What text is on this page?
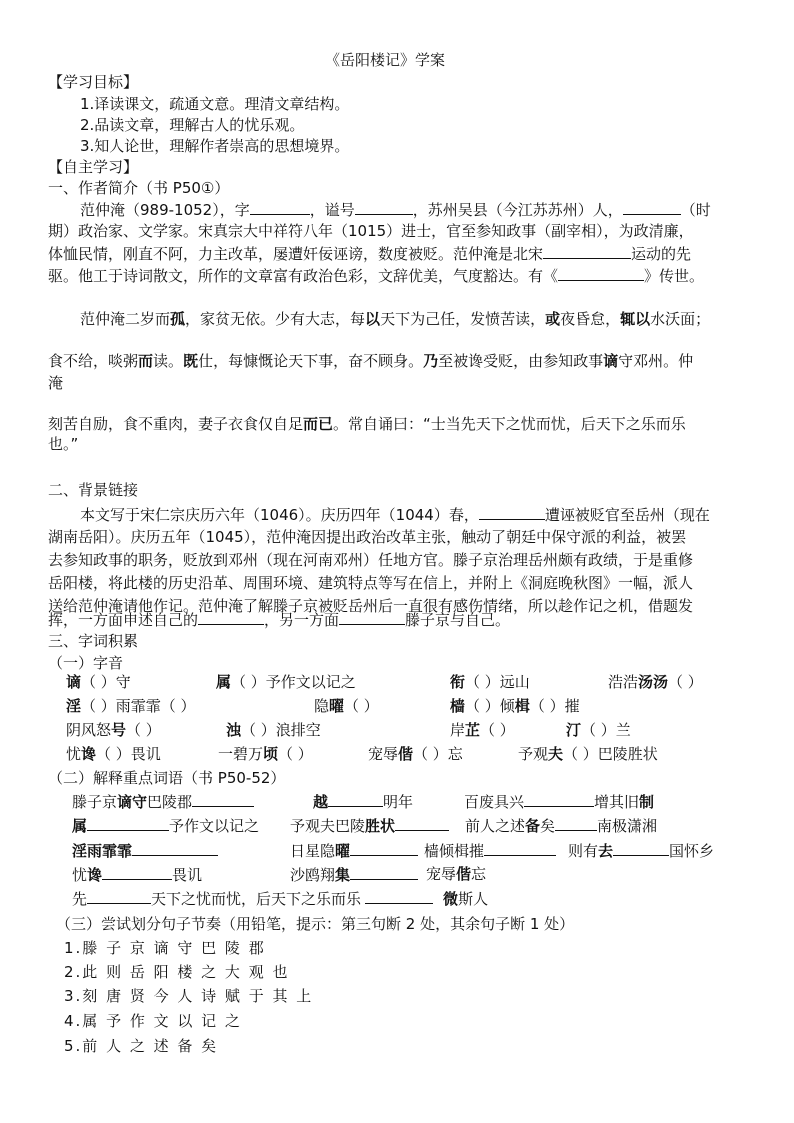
《岳阳楼记》学案
【学习目标】
1.译读课文，疏通文意。理清文章结构。
2.品读文章，理解古人的忧乐观。
3.知人论世，理解作者崇高的思想境界。
【自主学习】
一、作者简介（书 P50①）
范仲淹（989-1052），字	，谥号	，苏州吴县（今江苏苏州）人，	（时
期）政治家、文学家。宋真宗大中祥符八年（1015）进士，官至参知政事（副宰相），为政清廉，
体恤民情，刚直不阿，力主改革，屡遭奸佞诬谤，数度被贬。范仲淹是北宋	运动的先
驱。他工于诗词散文，所作的文章富有政治色彩，文辞优美，气度豁达。有《	》传世。
范仲淹二岁而孤，家贫无依。少有大志，每以天下为己任，发愤苦读，或夜昏怠，辄以水沃面；
食不给，啖粥而读。既仕，每慷慨论天下事，奋不顾身。乃至被谗受贬，由参知政事谪守邓州。仲
淹
刻苦自励，食不重肉，妻子衣食仅自足而已。常自诵曰：“士当先天下之忧而忧，后天下之乐而乐
也。”
二、背景链接
本文写于宋仁宗庆历六年（1046）。庆历四年（1044）春，	遭诬被贬官至岳州（现在
湖南岳阳）。庆历五年（1045），范仲淹因提出政治改革主张，触动了朝廷中保守派的利益，被罢
去参知政事的职务，贬放到邓州（现在河南邓州）任地方官。滕子京治理岳州颇有政绩，于是重修
岳阳楼，将此楼的历史沿革、周围环境、建筑特点等写在信上，并附上《洞庭晚秋图》一幅，派人
送给范仲淹请他作记。范仲淹了解滕子京被贬岳州后一直很有感伤情绪，所以趁作记之机，借题发
挥，一方面申述自己的	，另一方面	滕子京与自己。
三、字词积累
（一）字音
谪（ ）守	属（ ）予作文以记之	衔（ ）远山	浩浩汤汤（ ）
淫（ ）雨霏霏（ ）	隐曜（ ）	樯（ ）倾楫（ ）摧
阴风怒号（ ）	浊（ ）浪排空	岸芷（ ）	汀（ ）兰
忧谗（ ）畏讥	一碧万顷（ ）	宠辱偕（ ）忘	予观夫（ ）巴陵胜状
（二）解释重点词语（书 P50-52）
滕子京谪守巴陵郡	越	明年	百废具兴	增其旧制
属	予作文以记之 予观夫巴陵胜状	前人之述备矣	南极潇湘
淫雨霏霏	日星隐曜	樯倾楫摧	则有去	国怀乡
忧谗	畏讥	沙鸥翔集	宠辱偕忘
先	天下之忧而忧，后天下之乐而乐	微斯人
（三）尝试划分句子节奏（用铅笔，提示：第三句断 2 处，其余句子断 1 处）
1.滕 子 京 谪 守 巴 陵 郡
2.此 则 岳 阳 楼 之 大 观 也
3.刻 唐 贤 今 人 诗 赋 于 其 上
4.属 予 作 文 以 记 之
5.前 人 之 述 备 矣
